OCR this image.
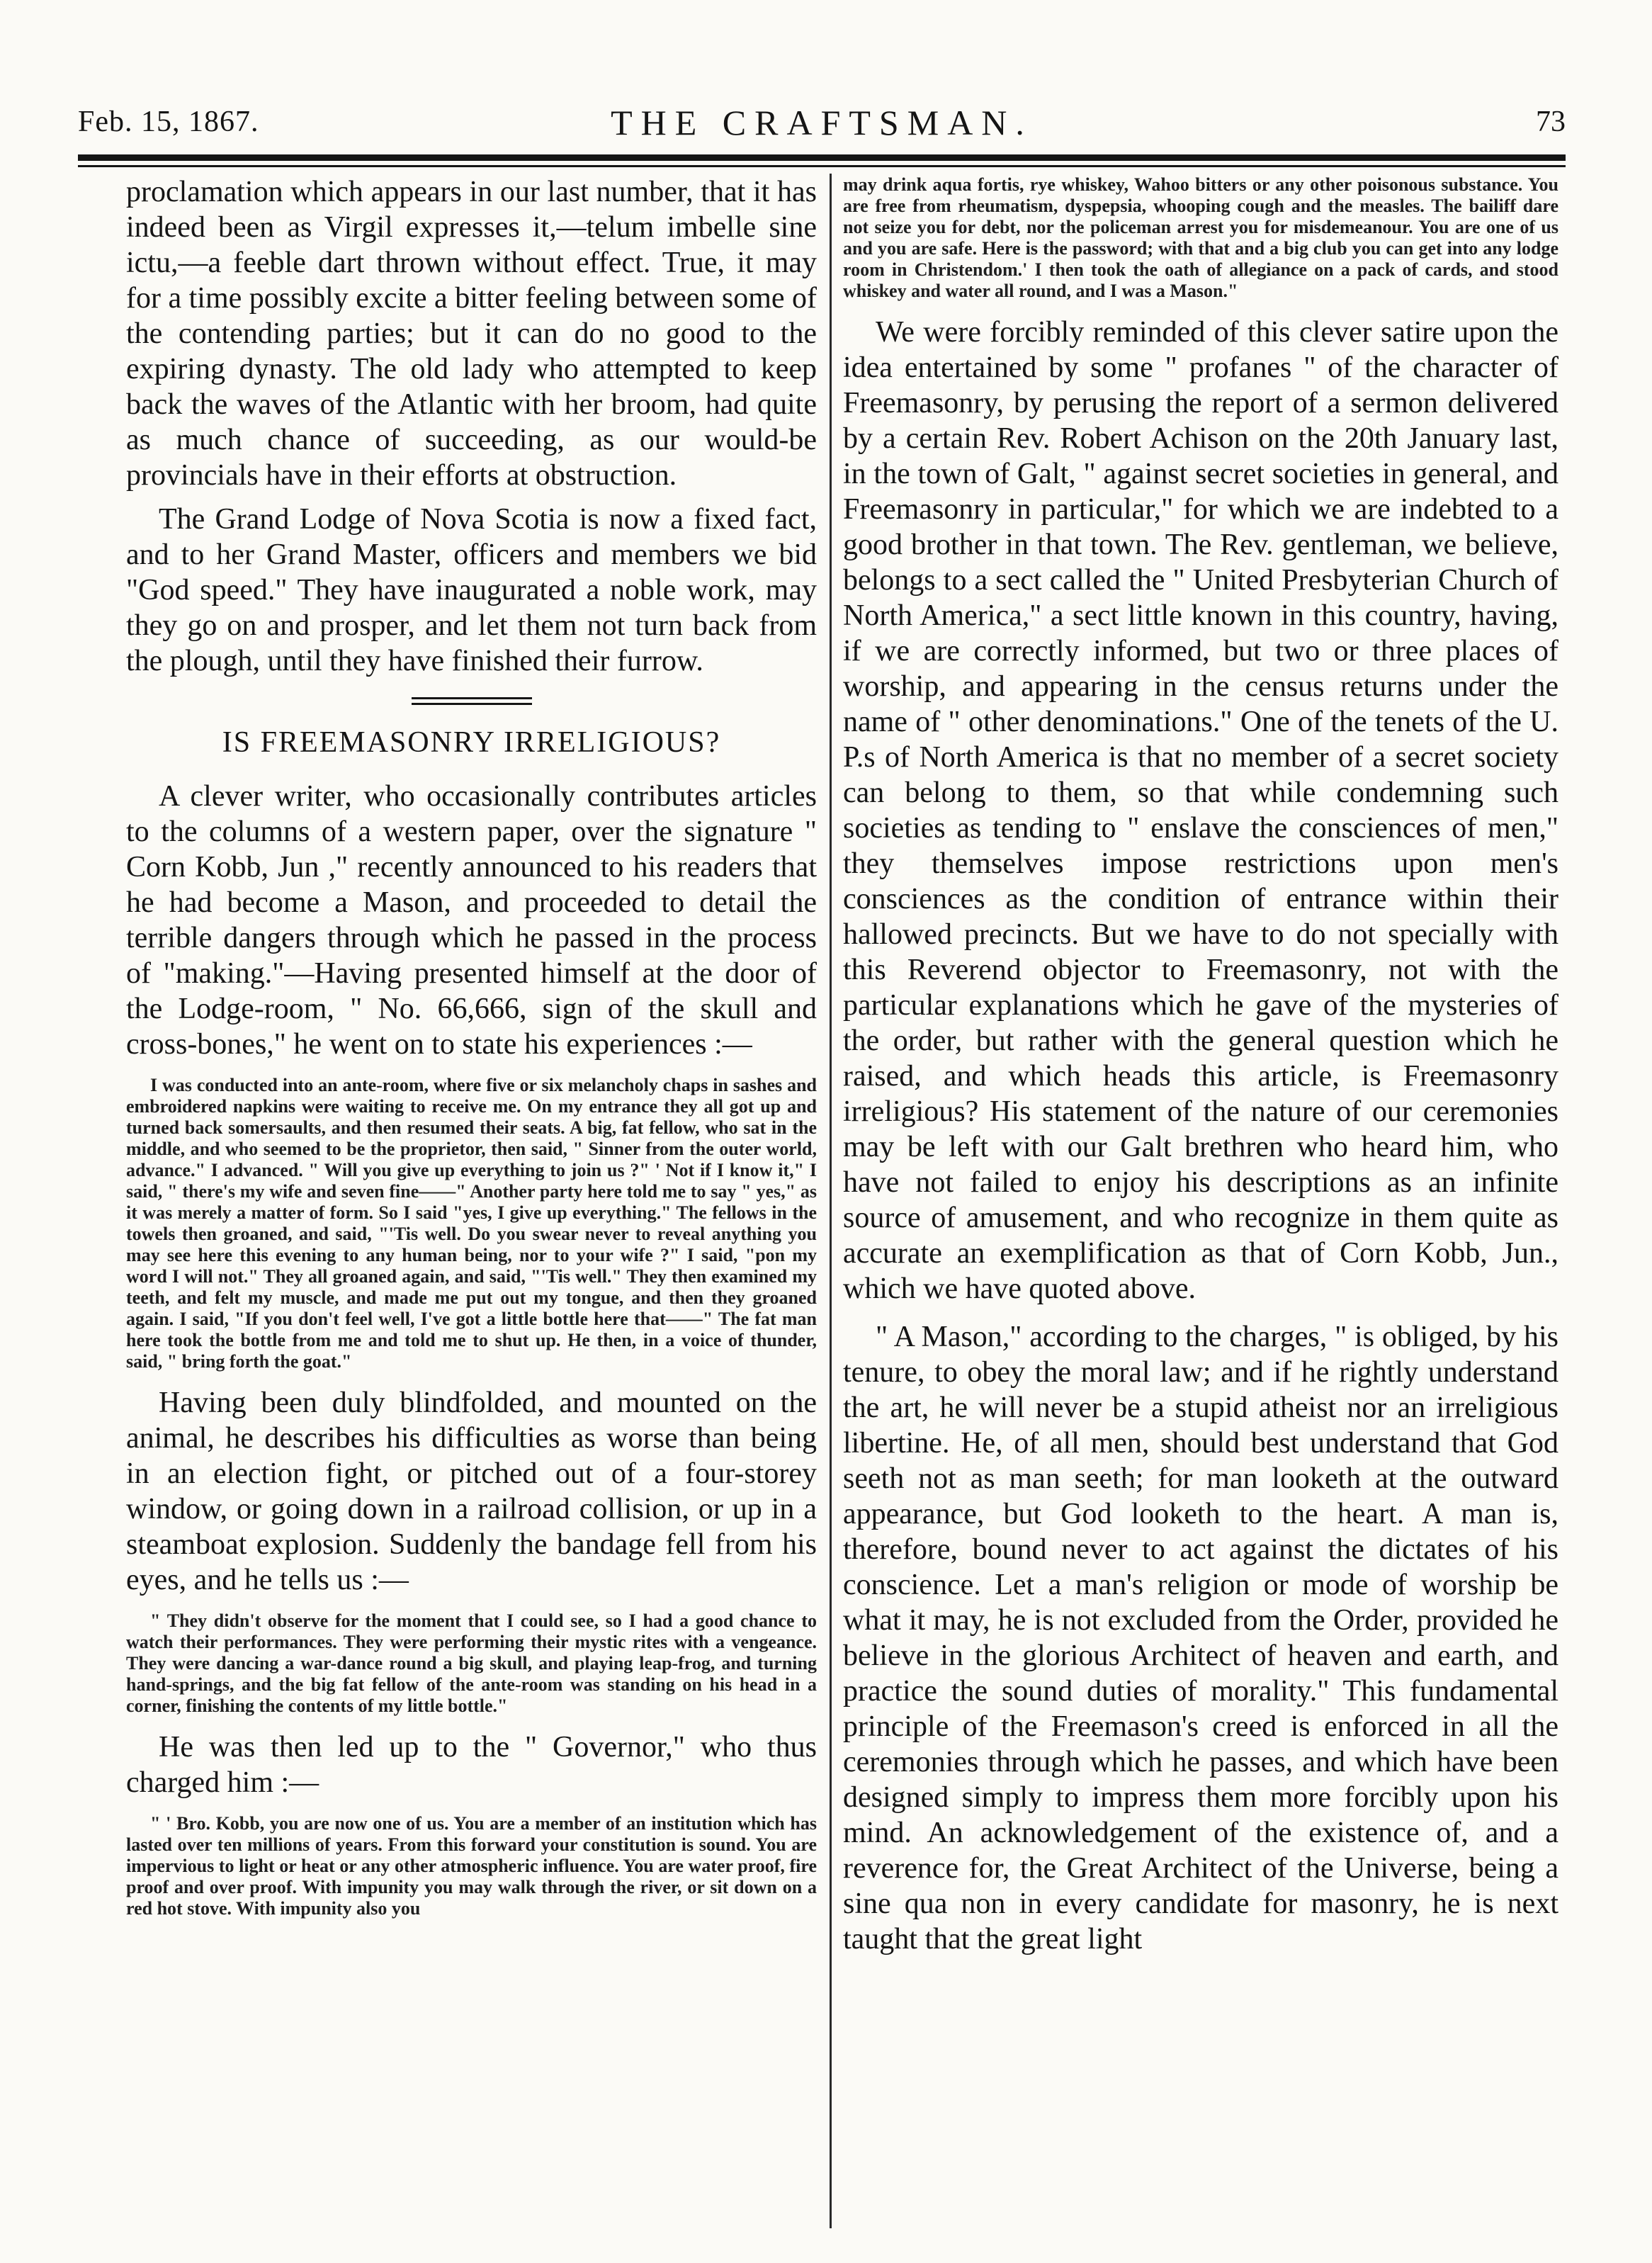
Feb. 15, 1867.	THE CRAFTSMAN.	73

proclamation which appears in our last number, that it has indeed been as Virgil expresses it,—telum imbelle sine ictu,—a feeble dart thrown without effect. True, it may for a time possibly excite a bitter feeling between some of the contending parties; but it can do no good to the expiring dynasty. The old lady who attempted to keep back the waves of the Atlantic with her broom, had quite as much chance of succeeding, as our would-be provincials have in their efforts at obstruction.

The Grand Lodge of Nova Scotia is now a fixed fact, and to her Grand Master, officers and members we bid "God speed." They have inaugurated a noble work, may they go on and prosper, and let them not turn back from the plough, until they have finished their furrow.

IS FREEMASONRY IRRELIGIOUS?

A clever writer, who occasionally contributes articles to the columns of a western paper, over the signature " Corn Kobb, Jun ," recently announced to his readers that he had become a Mason, and proceeded to detail the terrible dangers through which he passed in the process of "making."—Having presented himself at the door of the Lodge-room, " No. 66,666, sign of the skull and cross-bones," he went on to state his experiences :—

I was conducted into an ante-room, where five or six melancholy chaps in sashes and embroidered napkins were waiting to receive me. On my entrance they all got up and turned back somersaults, and then resumed their seats. A big, fat fellow, who sat in the middle, and who seemed to be the proprietor, then said, " Sinner from the outer world, advance." I advanced. " Will you give up everything to join us ?" ' Not if I know it," I said, " there's my wife and seven fine——" Another party here told me to say " yes," as it was merely a matter of form. So I said "yes, I give up everything." The fellows in the towels then groaned, and said, "'Tis well. Do you swear never to reveal anything you may see here this evening to any human being, nor to your wife ?" I said, "pon my word I will not." They all groaned again, and said, "'Tis well." They then examined my teeth, and felt my muscle, and made me put out my tongue, and then they groaned again. I said, "If you don't feel well, I've got a little bottle here that——" The fat man here took the bottle from me and told me to shut up. He then, in a voice of thunder, said, " bring forth the goat."

Having been duly blindfolded, and mounted on the animal, he describes his difficulties as worse than being in an election fight, or pitched out of a four-storey window, or going down in a railroad collision, or up in a steamboat explosion. Suddenly the bandage fell from his eyes, and he tells us :—

" They didn't observe for the moment that I could see, so I had a good chance to watch their performances. They were performing their mystic rites with a vengeance. They were dancing a war-dance round a big skull, and playing leap-frog, and turning hand-springs, and the big fat fellow of the ante-room was standing on his head in a corner, finishing the contents of my little bottle."

He was then led up to the " Governor," who thus charged him :—

" ' Bro. Kobb, you are now one of us. You are a member of an institution which has lasted over ten millions of years. From this forward your constitution is sound. You are impervious to light or heat or any other atmospheric influence. You are water proof, fire proof and over proof. With impunity you may walk through the river, or sit down on a red hot stove. With impunity also you

may drink aqua fortis, rye whiskey, Wahoo bitters or any other poisonous substance. You are free from rheumatism, dyspepsia, whooping cough and the measles. The bailiff dare not seize you for debt, nor the policeman arrest you for misdemeanour. You are one of us and you are safe. Here is the password; with that and a big club you can get into any lodge room in Christendom.' I then took the oath of allegiance on a pack of cards, and stood whiskey and water all round, and I was a Mason."

We were forcibly reminded of this clever satire upon the idea entertained by some " profanes " of the character of Freemasonry, by perusing the report of a sermon delivered by a certain Rev. Robert Achison on the 20th January last, in the town of Galt, " against secret societies in general, and Freemasonry in particular," for which we are indebted to a good brother in that town. The Rev. gentleman, we believe, belongs to a sect called the " United Presbyterian Church of North America," a sect little known in this country, having, if we are correctly informed, but two or three places of worship, and appearing in the census returns under the name of " other denominations." One of the tenets of the U. P.s of North America is that no member of a secret society can belong to them, so that while condemning such societies as tending to " enslave the consciences of men," they themselves impose restrictions upon men's consciences as the condition of entrance within their hallowed precincts. But we have to do not specially with this Reverend objector to Freemasonry, not with the particular explanations which he gave of the mysteries of the order, but rather with the general question which he raised, and which heads this article, is Freemasonry irreligious? His statement of the nature of our ceremonies may be left with our Galt brethren who heard him, who have not failed to enjoy his descriptions as an infinite source of amusement, and who recognize in them quite as accurate an exemplification as that of Corn Kobb, Jun., which we have quoted above.

" A Mason," according to the charges, " is obliged, by his tenure, to obey the moral law; and if he rightly understand the art, he will never be a stupid atheist nor an irreligious libertine. He, of all men, should best understand that God seeth not as man seeth; for man looketh at the outward appearance, but God looketh to the heart. A man is, therefore, bound never to act against the dictates of his conscience. Let a man's religion or mode of worship be what it may, he is not excluded from the Order, provided he believe in the glorious Architect of heaven and earth, and practice the sound duties of morality." This fundamental principle of the Freemason's creed is enforced in all the ceremonies through which he passes, and which have been designed simply to impress them more forcibly upon his mind. An acknowledgement of the existence of, and a reverence for, the Great Architect of the Universe, being a sine qua non in every candidate for masonry, he is next taught that the great light
